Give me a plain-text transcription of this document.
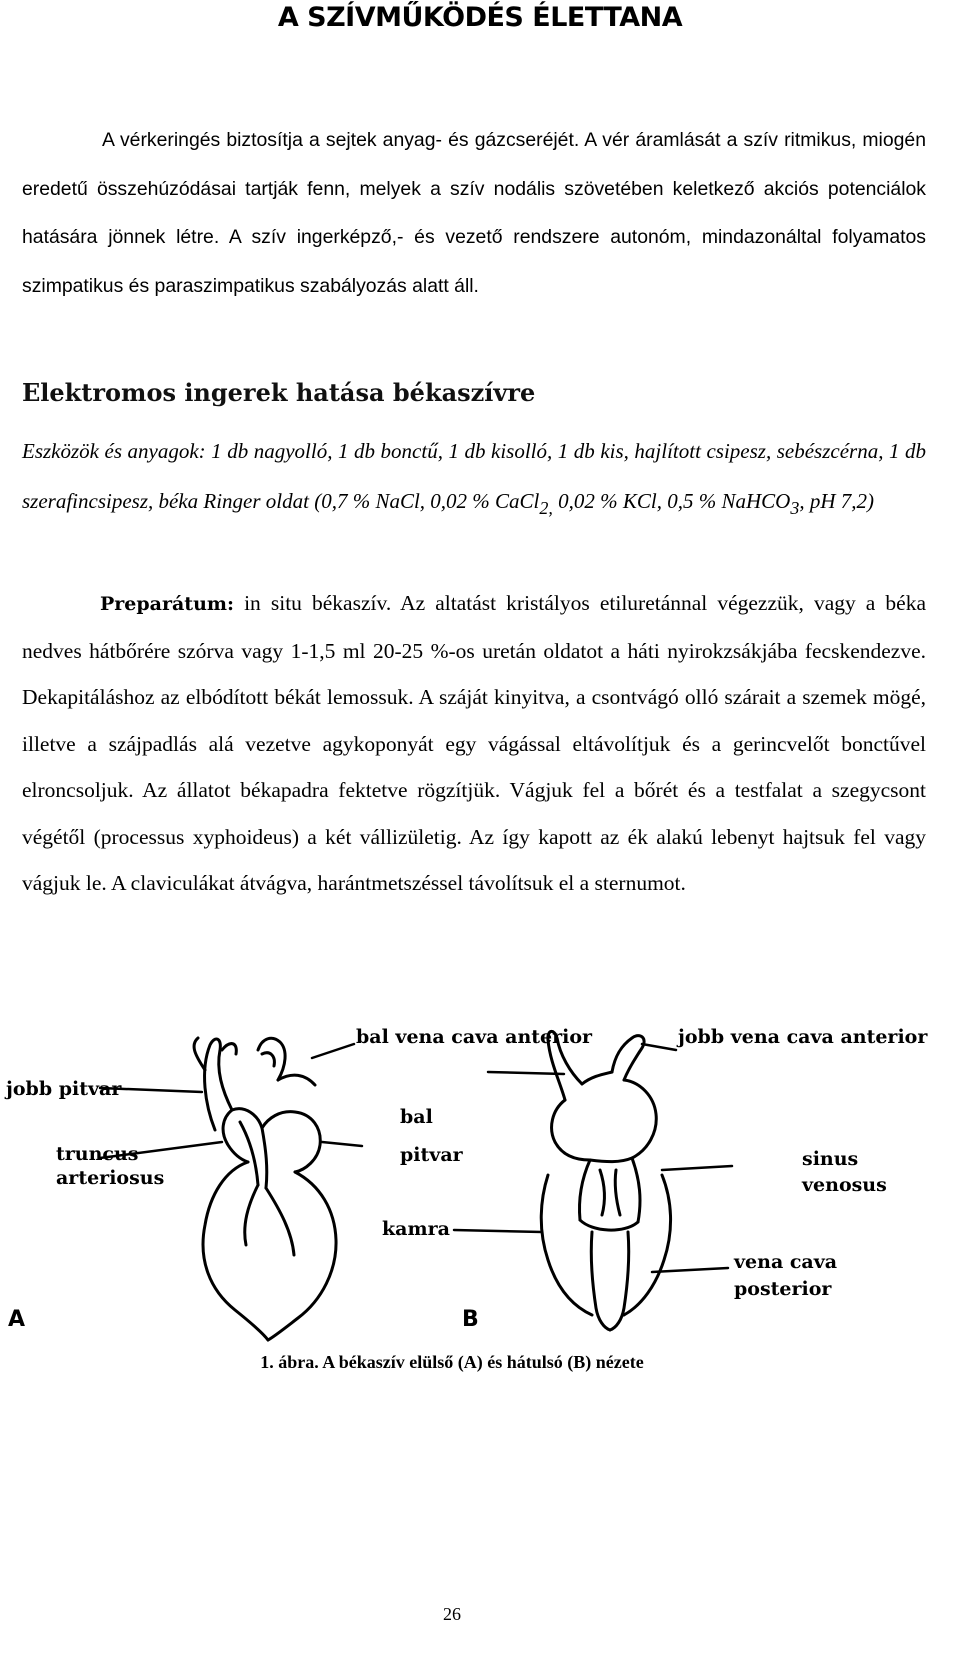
A SZÍVMŰKÖDÉS ÉLETTANA

A vérkeringés biztosítja a sejtek anyag- és gázcseréjét. A vér áramlását a szív ritmikus, miogén eredetű összehúzódásai tartják fenn, melyek a szív nodális szövetében keletkező akciós potenciálok hatására jönnek létre. A szív ingerképző,- és vezető rendszere autonóm, mindazonáltal folyamatos szimpatikus és paraszimpatikus szabályozás alatt áll.

Elektromos ingerek hatása békaszívre

Eszközök és anyagok: 1 db nagyolló, 1 db bonctű, 1 db kisolló, 1 db kis, hajlított csipesz, sebészcérna, 1 db szerafincsipesz, béka Ringer oldat (0,7 % NaCl, 0,02 % CaCl$_{2,}$ 0,02 % KCl, 0,5 % NaHCO$_3$, pH 7,2)

Preparátum: in situ békaszív. Az altatást kristályos etiluretánnal végezzük, vagy a béka nedves hátbőrére szórva vagy 1-1,5 ml 20-25 %-os uretán oldatot a háti nyirokzsákjába fecskendezve. Dekapitáláshoz az elbódított békát lemossuk. A száját kinyitva, a csontvágó olló szárait a szemek mögé, illetve a szájpadlás alá vezetve agykoponyát egy vágással eltávolítjuk és a gerincvelőt bonctűvel elroncsoljuk. Az állatot békapadra fektetve rögzítjük. Vágjuk fel a bőrét és a testfalat a szegycsont végétől (processus xyphoideus) a két vállizületig. Az így kapott az ék alakú lebenyt hajtsuk fel vagy vágjuk le. A claviculákat átvágva, harántmetszéssel távolítsuk el a sternumot.

bal vena cava anterior	jobb vena cava anterior
jobb pitvar
bal
pitvar
truncus
arteriosus
sinus
venosus
kamra
vena cava
posterior
A	B
1. ábra. A békaszív elülső (A) és hátulsó (B) nézete
26
